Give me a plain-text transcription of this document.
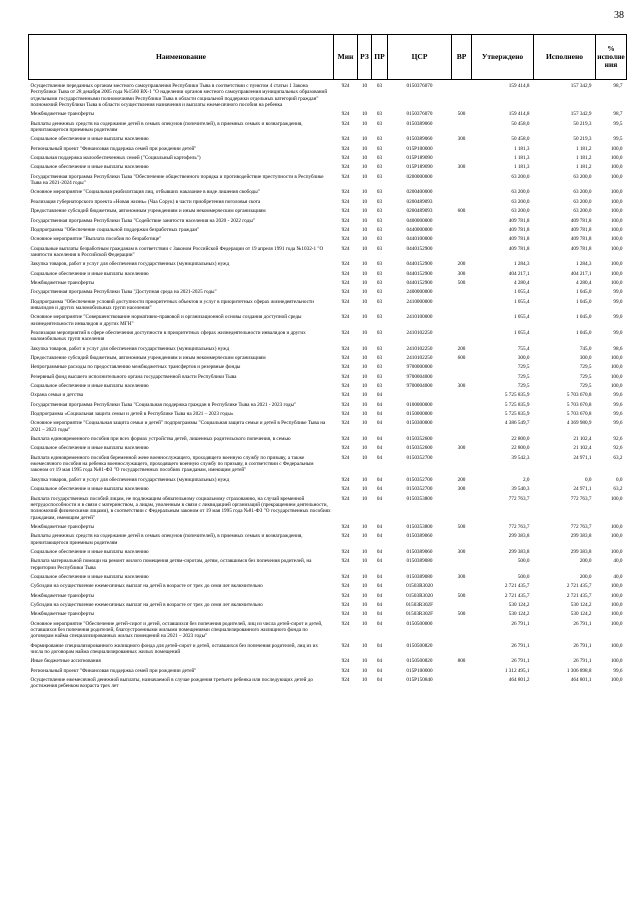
38
Наименование	Мин	РЗ	ПР	ЦСР	ВР	Утверждено	Исполнено	% исполне ния
Осуществление переданных органам местного самоуправления Республики Тыва в соответствии с пунктом 4 статьи 1 Закона Республики Тыва от 28 декабря 2005 года №1560 ВХ-1 "О наделении органов местного самоуправления муниципальных образований отдельными государственными полномочиями Республики Тыва в области социальной поддержки отдельных категорий граждан" полномочий Республики Тыва в области осуществления назначения и выплаты ежемесячного пособия на ребенка	924	10	03	0150376070		159 414,8	157 342,9	98,7
Межбюджетные трансферты	924	10	03	0150376070	500	159 414,8	157 342,9	98,7
Выплаты денежных средств на содержание детей в семьях опекунов (попечителей), в приемных семьях и вознаграждения, причитающегося приемным родителям	924	10	03	0150389060		50 458,0	50 219,3	99,5
Социальное обеспечение и иные выплаты населению	924	10	03	0150389060	300	50 458,0	50 219,3	99,5
Региональный проект "Финансовая поддержка семей при рождении детей"	924	10	03	015P100000		1 181,3	1 181,2	100,0
Социальная поддержка малообеспеченных семей ("Социальный картофель")	924	10	03	015P189090		1 181,3	1 181,2	100,0
Социальное обеспечение и иные выплаты населению	924	10	03	015P189090	300	1 181,3	1 181,2	100,0
Государственная программа Республики Тыва "Обеспечение общественного порядка и противодействие преступности в Республике Тыва на 2021-2024 годы"	924	10	03	0200000000		63 200,0	63 200,0	100,0
Основное мероприятие "Социальная реабилитация лиц, отбывших наказание в виде лишения свободы"	924	10	03	0200400000		63 200,0	63 200,0	100,0
Реализация губернаторского проекта «Новая жизнь» (Чаа Сорук) в части приобретения поголовья скота	924	10	03	0200489093		63 200,0	63 200,0	100,0
Предоставление субсидий бюджетным, автономным учреждениям и иным некоммерческим организациям	924	10	03	0200489093	600	63 200,0	63 200,0	100,0
Государственная программа Республики Тыва "Содействие занятости населения на 2020 - 2022 годы"	924	10	03	0400000000		409 781,8	409 781,8	100,0
Подпрограмма "Обеспечение социальной поддержки безработных граждан"	924	10	03	0440000000		409 781,8	409 781,8	100,0
Основное мероприятие "Выплата пособия по безработице"	924	10	03	0440100000		409 781,8	409 781,8	100,0
Социальные выплаты безработным гражданам в соответствии с Законом Российской Федерации от 19 апреля 1991 года №1032-1 "О занятости населения в Российской Федерации"	924	10	03	0440152900		409 781,8	409 781,8	100,0
Закупка товаров, работ и услуг для обеспечения государственных (муниципальных) нужд	924	10	03	0440152900	200	1 284,3	1 284,3	100,0
Социальное обеспечение и иные выплаты населению	924	10	03	0440152900	300	404 217,1	404 217,1	100,0
Межбюджетные трансферты	924	10	03	0440152900	500	4 280,4	4 280,4	100,0
Государственная программа Республики Тыва "Доступная среда на 2021-2025 годы"	924	10	03	2400000000		1 055,4	1 045,0	99,0
Подпрограмма "Обеспечение условий доступности приоритетных объектов и услуг в приоритетных сферах жизнедеятельности инвалидов и других маломобильных групп населения"	924	10	03	2410000000		1 055,4	1 045,0	99,0
Основное мероприятие "Совершенствование нормативно-правовой и организационной основы создания доступной среды жизнедеятельности инвалидов и других МГН"	924	10	03	2410100000		1 055,4	1 045,0	99,0
Реализация мероприятий в сфере обеспечения доступности в приоритетных сферах жизнедеятельности инвалидов и других маломобильных групп населения	924	10	03	2410102250		1 055,4	1 045,0	99,0
Закупка товаров, работ и услуг для обеспечения государственных (муниципальных) нужд	924	10	03	2410102250	200	755,4	745,0	98,6
Предоставление субсидий бюджетным, автономным учреждениям и иным некоммерческим организациям	924	10	03	2410102250	600	300,0	300,0	100,0
Непрограммные расходы по предоставлению межбюджетных трансфертов и резервные фонды	924	10	03	9700000000		729,5	729,5	100,0
Резервный фонд высшего исполнительного органа государственной власти Республики Тыва	924	10	03	9700004000		729,5	729,5	100,0
Социальное обеспечение и иные выплаты населению	924	10	03	9700004000	300	729,5	729,5	100,0
Охрана семьи и детства	924	10	04			5 725 835,9	5 703 670,8	99,6
Государственная программа Республики Тыва "Социальная поддержка граждан в Республике Тыва на 2021 - 2023 годы"	924	10	04	0100000000		5 725 835,9	5 703 670,8	99,6
Подпрограмма «Социальная защита семьи и детей в Республике Тыва на 2021 – 2023 годы»	924	10	04	0150000000		5 725 835,9	5 703 670,8	99,6
Основное мероприятие "Социальная защита семьи и детей" подпрограммы "Социальная защита семьи и детей в Республике Тыва на 2021 – 2023 годы"	924	10	04	0150300000		4 386 549,7	4 369 980,9	99,6
Выплата единовременного пособия при всех формах устройства детей, лишенных родительского попечения, в семью	924	10	04	0150352600		22 800,0	21 102,4	92,6
Социальное обеспечение и иные выплаты населению	924	10	04	0150352600	300	22 800,0	21 102,4	92,6
Выплата единовременного пособия беременной жене военнослужащего, проходящего военную службу по призыву, а также ежемесячного пособия на ребенка военнослужащего, проходящего военную службу по призыву, в соответствии с Федеральным законом от 19 мая 1995 года №81-ФЗ "О государственных пособиях гражданам, имеющим детей"	924	10	04	0150352700		39 542,3	24 971,1	63,2
Закупка товаров, работ и услуг для обеспечения государственных (муниципальных) нужд	924	10	04	0150352700	200	2,0	0,0	0,0
Социальное обеспечение и иные выплаты населению	924	10	04	0150352700	300	39 540,3	24 971,1	63,2
Выплата государственных пособий лицам, не подлежащим обязательному социальному страхованию, на случай временной нетрудоспособности и в связи с материнством, а лицам, уволенным в связи с ликвидацией организаций (прекращением деятельности, полномочий физическими лицами), в соответствии с Федеральным законом от 19 мая 1995 года №81-ФЗ "О государственных пособиях гражданам, имеющим детей"	924	10	04	0150353800		772 763,7	772 763,7	100,0
Межбюджетные трансферты	924	10	04	0150353800	500	772 763,7	772 763,7	100,0
Выплаты денежных средств на содержание детей в семьях опекунов (попечителей), в приемных семьях и вознаграждения, причитающегося приемным родителям	924	10	04	0150389060		299 383,8	299 383,8	100,0
Социальное обеспечение и иные выплаты населению	924	10	04	0150389060	300	299 383,8	299 383,8	100,0
Выплата материальной помощи на ремонт жилого помещения детям-сиротам, детям, оставшимся без попечения родителей, на территории Республики Тыва	924	10	04	0150389080		500,0	200,0	40,0
Социальное обеспечение и иные выплаты населению	924	10	04	0150389080	300	500,0	200,0	40,0
Субсидии на осуществление ежемесячных выплат на детей в возрасте от трех до семи лет включительно	924	10	04	01503R3020		2 721 435,7	2 721 435,7	100,0
Межбюджетные трансферты	924	10	04	01503R3020	500	2 721 435,7	2 721 435,7	100,0
Субсидии на осуществление ежемесячных выплат на детей в возрасте от трех до семи лет включительно	924	10	04	01503R302F		530 124,2	530 124,2	100,0
Межбюджетные трансферты	924	10	04	01503R302F	500	530 124,2	530 124,2	100,0
Основное мероприятие "Обеспечение детей-сирот и детей, оставшихся без попечения родителей, лиц из числа детей-сирот и детей, оставшихся без попечения родителей, благоустроенными жилыми помещениями специализированного жилищного фонда по договорам найма специализированных жилых помещений на 2021 – 2023 годы"	924	10	04	0150500000		26 791,1	26 791,1	100,0
Формирование специализированного жилищного фонда для детей-сирот и детей, оставшихся без попечения родителей, лиц из их числа по договорам найма специализированных жилых помещений	924	10	04	0150500820		26 791,1	26 791,1	100,0
Иные бюджетные ассигнования	924	10	04	0150500820	800	26 791,1	26 791,1	100,0
Региональный проект "Финансовая поддержка семей при рождении детей"	924	10	04	015P100000		1 312 495,1	1 306 898,8	99,6
Осуществление ежемесячной денежной выплаты, назначаемой в случае рождения третьего ребенка или последующих детей до достижения ребенком возраста трех лет	924	10	04	015P150840		464 801,2	464 801,1	100,0
